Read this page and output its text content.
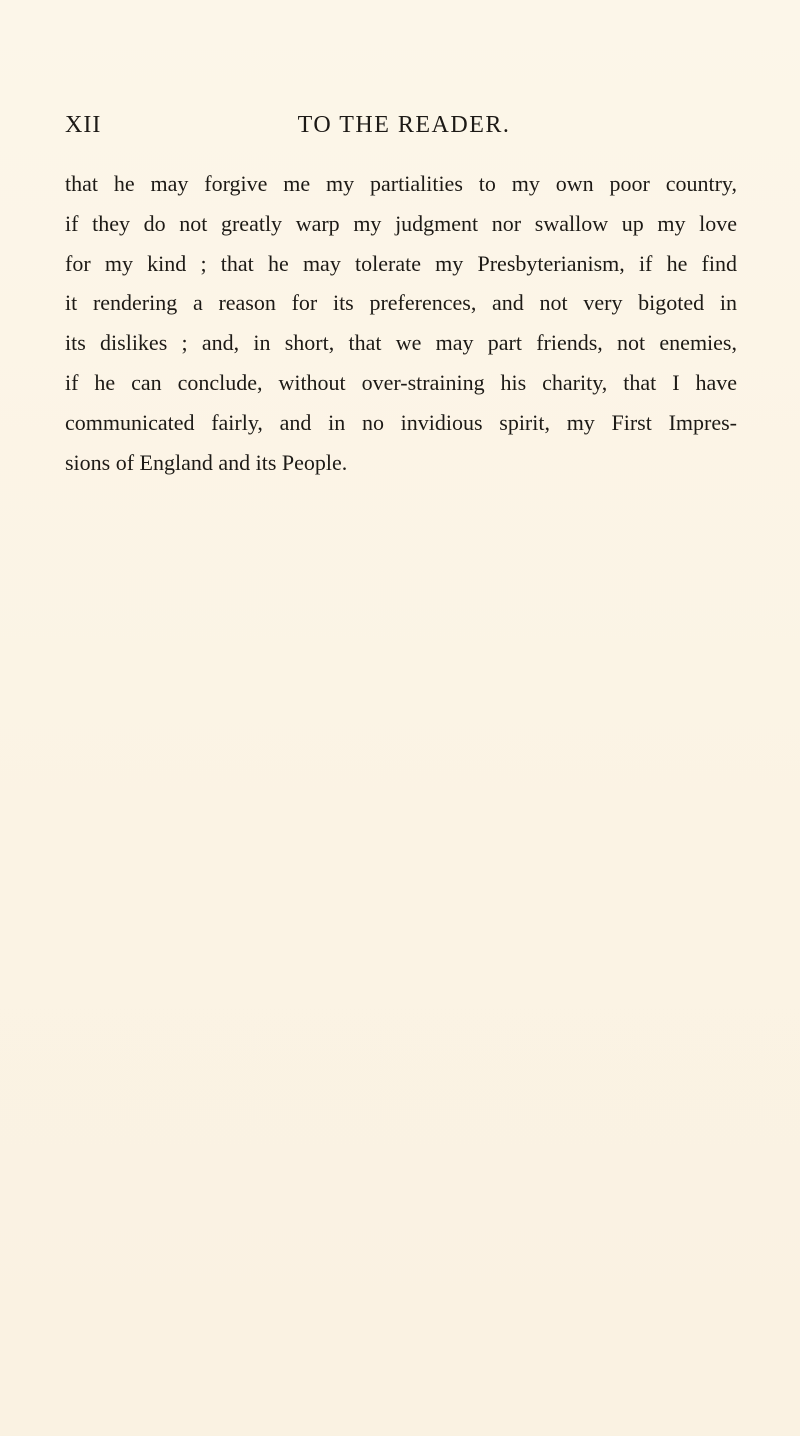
XII	TO THE READER.

that he may forgive me my partialities to my own poor country,
if they do not greatly warp my judgment nor swallow up my love
for my kind ; that he may tolerate my Presbyterianism, if he find
it rendering a reason for its preferences, and not very bigoted in
its dislikes ; and, in short, that we may part friends, not enemies,
if he can conclude, without over-straining his charity, that I have
communicated fairly, and in no invidious spirit, my First Impres-
sions of England and its People.
